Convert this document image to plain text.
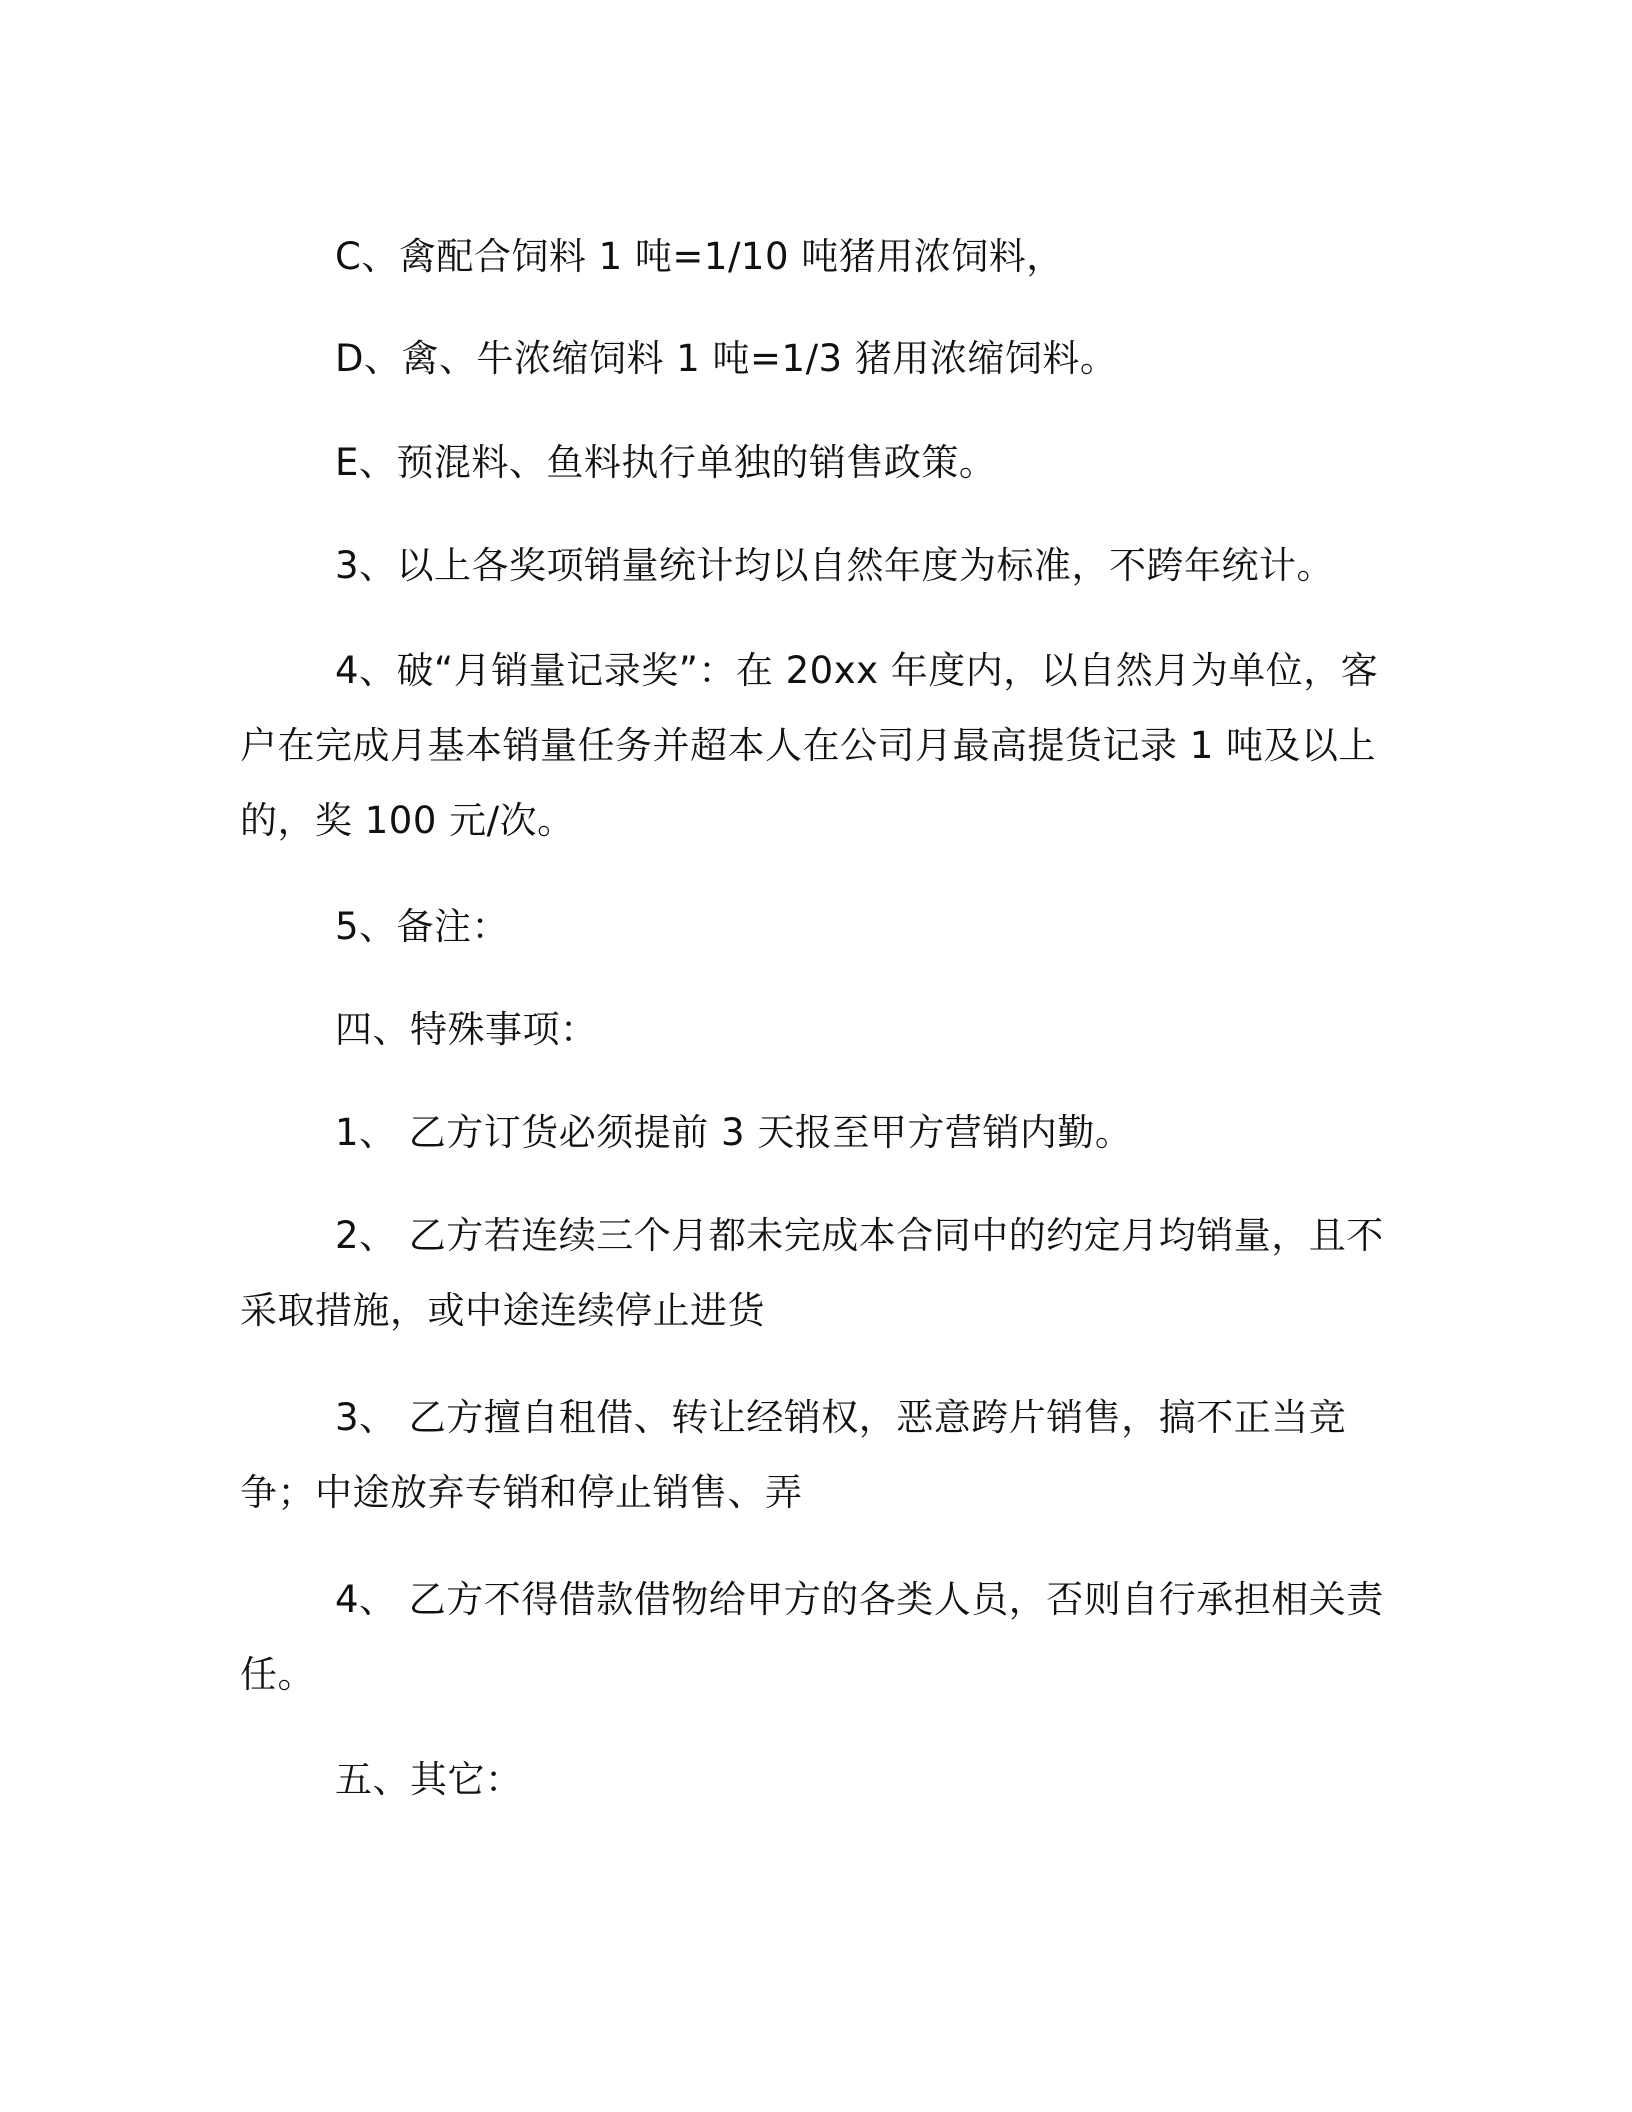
C、禽配合饲料 1 吨=1/10 吨猪用浓饲料，

D、禽、牛浓缩饲料 1 吨=1/3 猪用浓缩饲料。

E、预混料、鱼料执行单独的销售政策。

3、以上各奖项销量统计均以自然年度为标准，不跨年统计。

4、破“月销量记录奖”：在 20xx 年度内，以自然月为单位，客户在完成月基本销量任务并超本人在公司月最高提货记录 1 吨及以上的，奖 100 元/次。

5、备注：

四、特殊事项：

1、 乙方订货必须提前 3 天报至甲方营销内勤。

2、 乙方若连续三个月都未完成本合同中的约定月均销量，且不采取措施，或中途连续停止进货

3、 乙方擅自租借、转让经销权，恶意跨片销售，搞不正当竞争；中途放弃专销和停止销售、弄

4、 乙方不得借款借物给甲方的各类人员，否则自行承担相关责任。

五、其它：
